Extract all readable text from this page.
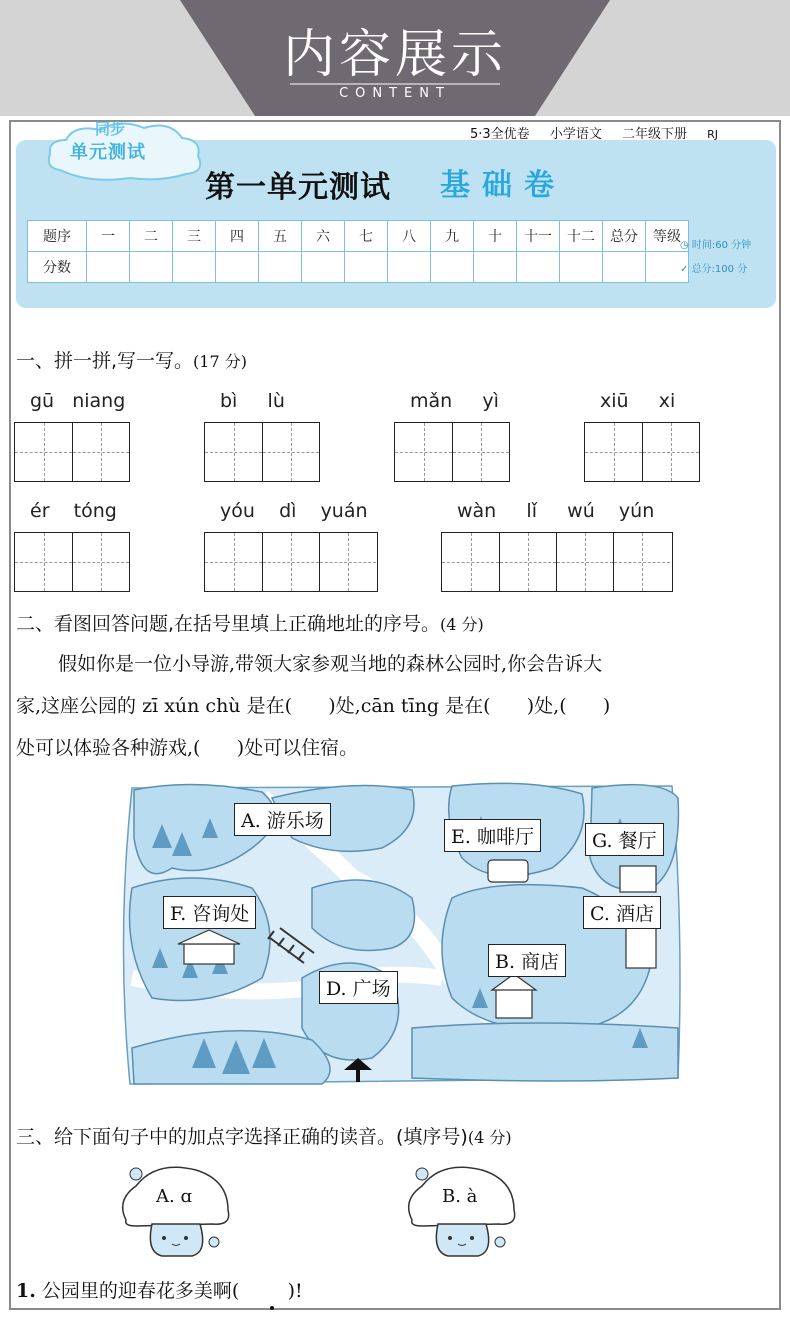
内容展示
CONTENT
同步
单元测试
5·3全优卷 小学语文 二年级下册 RJ
第一单元测试 基础卷
题序	一	二	三	四	五	六	七	八	九	十	十一	十二	总分	等级
分数														
◷ 时间:60 分钟
✓ 总分:100 分
一、拼一拼,写一写。(17 分)
二、看图回答问题,在括号里填上正确地址的序号。(4 分)
假如你是一位小导游,带领大家参观当地的森林公园时,你会告诉大
家,这座公园的 zī xún chù 是在(      )处,cān tīng 是在(      )处,(      )
处可以体验各种游戏,(      )处可以住宿。
A. 游乐场
E. 咖啡厅	G. 餐厅
F. 咨询处	C. 酒店
B. 商店
D. 广场
三、给下面句子中的加点字选择正确的读音。(填序号)(4 分)
A. ɑ	B. à
1. 公园里的迎春花多美啊(        )!
gū   niang	bì     lù	mǎn     yì	xiū     xi
ér    tóng	yóu    dì    yuán	wàn     lǐ     wú    yún
